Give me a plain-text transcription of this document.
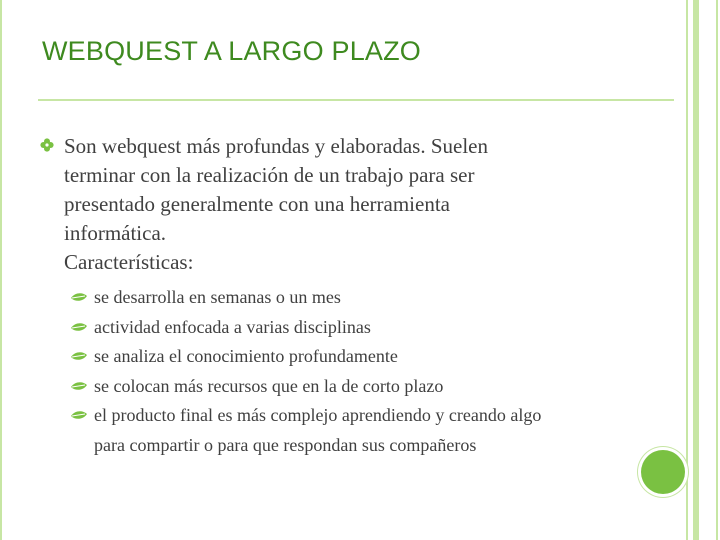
WEBQUEST A LARGO PLAZO
Son webquest más profundas y elaboradas. Suelen
terminar con la realización de un trabajo para ser
presentado generalmente con una herramienta
informática.
Características:
se desarrolla en semanas o un mes
actividad enfocada a varias disciplinas
se analiza el conocimiento profundamente
se colocan más recursos que en la de corto plazo
el producto final es más complejo aprendiendo y creando algo
para compartir o para que respondan sus compañeros
